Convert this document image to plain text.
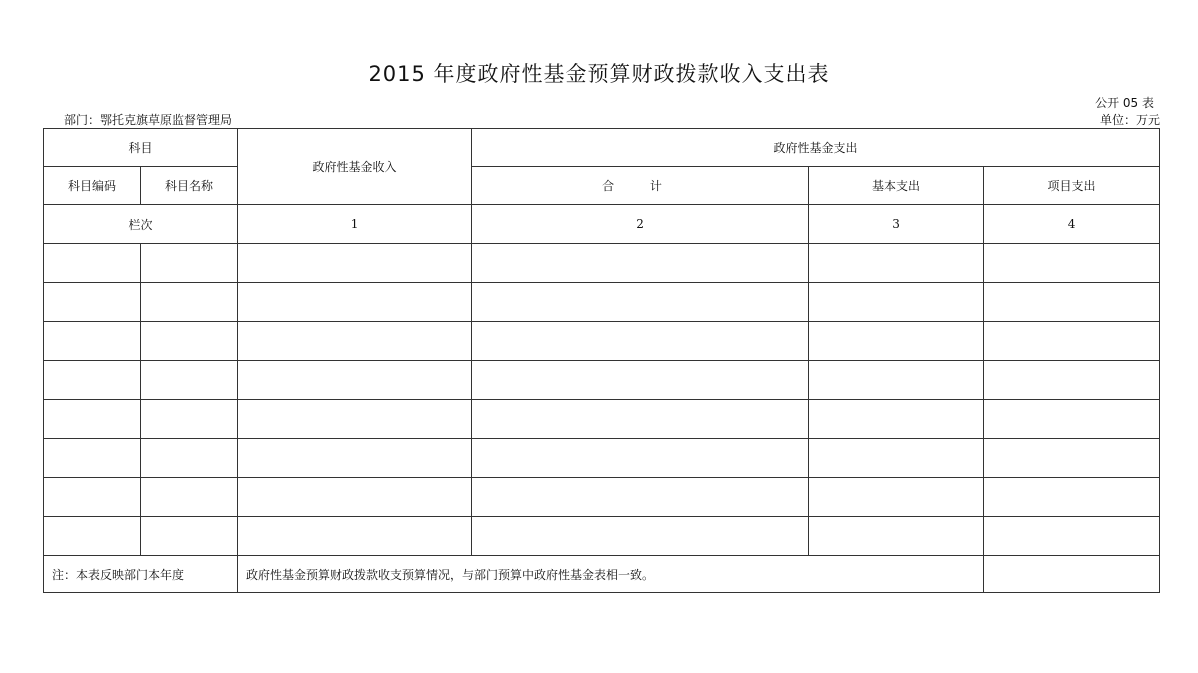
2015 年度政府性基金预算财政拨款收入支出表
公开 05 表
部门：鄂托克旗草原监督管理局	单位：万元
科目		政府性基金收入	政府性基金支出		
科目编码	科目名称		合 计	基本支出	项目支出
栏次		1	2	3	4

注：本表反映部门本年度		政府性基金预算财政拨款收支预算情况，与部门预算中政府性基金表相一致。			
